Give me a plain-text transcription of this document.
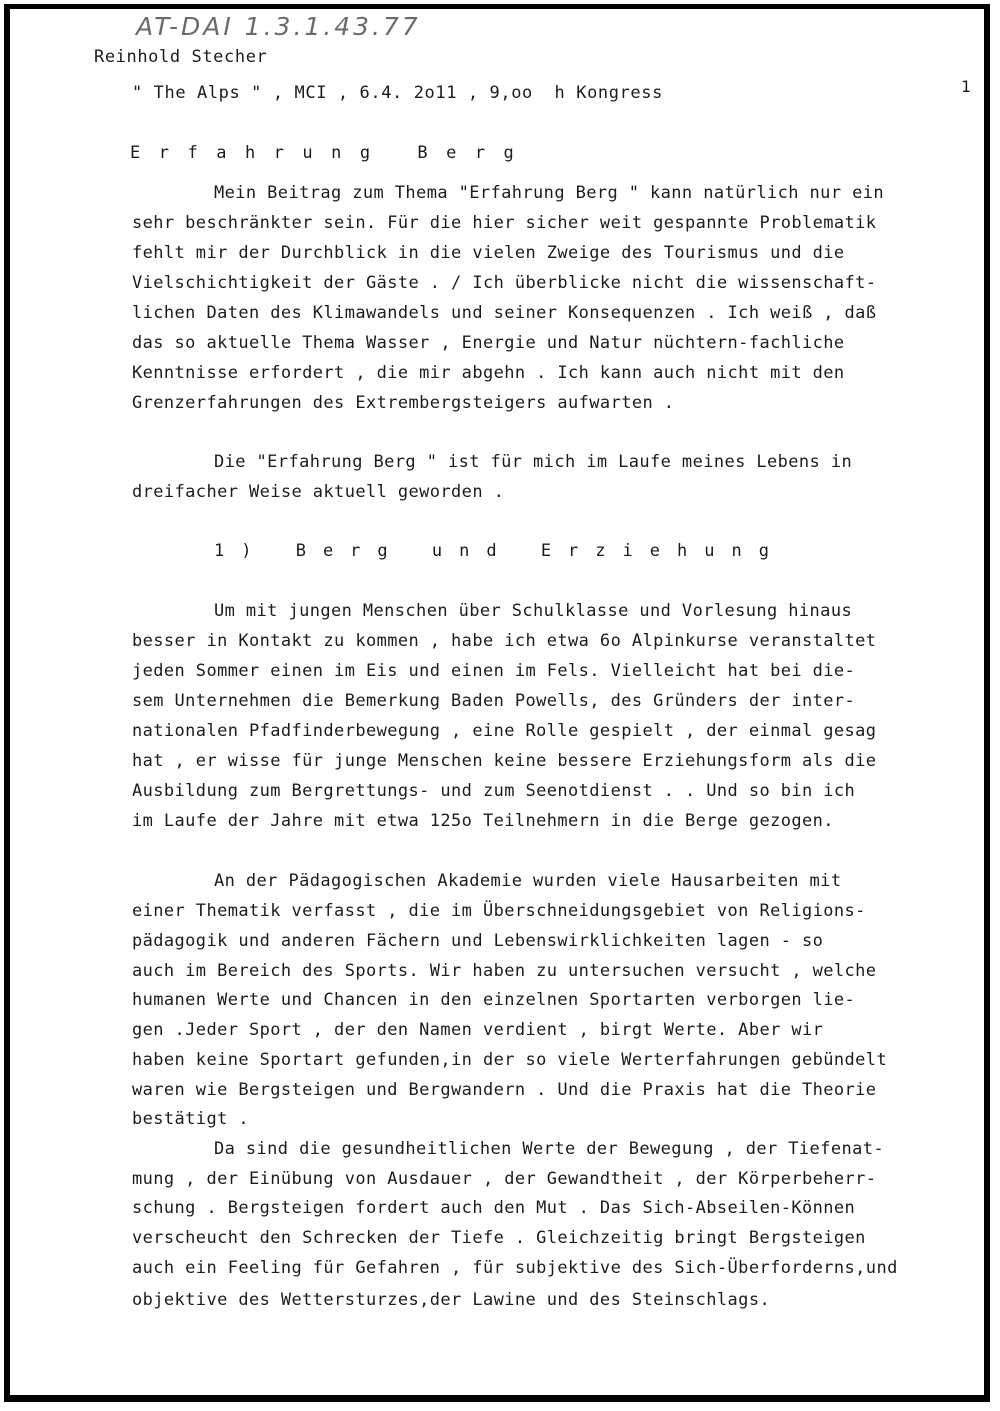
AT-DAI 1.3.1.43.77

Reinhold Stecher

" The Alps " , MCI , 6.4. 2o11 , 9,oo  h Kongress	1

Erfahrung Berg

Mein Beitrag zum Thema "Erfahrung Berg " kann natürlich nur ein

sehr beschränkter sein. Für die hier sicher weit gespannte Problematik

fehlt mir der Durchblick in die vielen Zweige des Tourismus und die

Vielschichtigkeit der Gäste . / Ich überblicke nicht die wissenschaft-

lichen Daten des Klimawandels und seiner Konsequenzen . Ich weiß , daß

das so aktuelle Thema Wasser , Energie und Natur nüchtern-fachliche

Kenntnisse erfordert , die mir abgehn . Ich kann auch nicht mit den

Grenzerfahrungen des Extrembergsteigers aufwarten .

Die "Erfahrung Berg " ist für mich im Laufe meines Lebens in

dreifacher Weise aktuell geworden .

1) Berg und Erziehung

Um mit jungen Menschen über Schulklasse und Vorlesung hinaus

besser in Kontakt zu kommen , habe ich etwa 6o Alpinkurse veranstaltet

jeden Sommer einen im Eis und einen im Fels. Vielleicht hat bei die-

sem Unternehmen die Bemerkung Baden Powells, des Gründers der inter-

nationalen Pfadfinderbewegung , eine Rolle gespielt , der einmal gesag

hat , er wisse für junge Menschen keine bessere Erziehungsform als die

Ausbildung zum Bergrettungs- und zum Seenotdienst . . Und so bin ich

im Laufe der Jahre mit etwa 125o Teilnehmern in die Berge gezogen.

An der Pädagogischen Akademie wurden viele Hausarbeiten mit

einer Thematik verfasst , die im Überschneidungsgebiet von Religions-

pädagogik und anderen Fächern und Lebenswirklichkeiten lagen - so

auch im Bereich des Sports. Wir haben zu untersuchen versucht , welche

humanen Werte und Chancen in den einzelnen Sportarten verborgen lie-

gen .Jeder Sport , der den Namen verdient , birgt Werte. Aber wir

haben keine Sportart gefunden,in der so viele Werterfahrungen gebündelt

waren wie Bergsteigen und Bergwandern . Und die Praxis hat die Theorie

bestätigt .

Da sind die gesundheitlichen Werte der Bewegung , der Tiefenat-

mung , der Einübung von Ausdauer , der Gewandtheit , der Körperbeherr-

schung . Bergsteigen fordert auch den Mut . Das Sich-Abseilen-Können

verscheucht den Schrecken der Tiefe . Gleichzeitig bringt Bergsteigen

auch ein Feeling für Gefahren , für subjektive des Sich-Überforderns,und

objektive des Wettersturzes,der Lawine und des Steinschlags.
